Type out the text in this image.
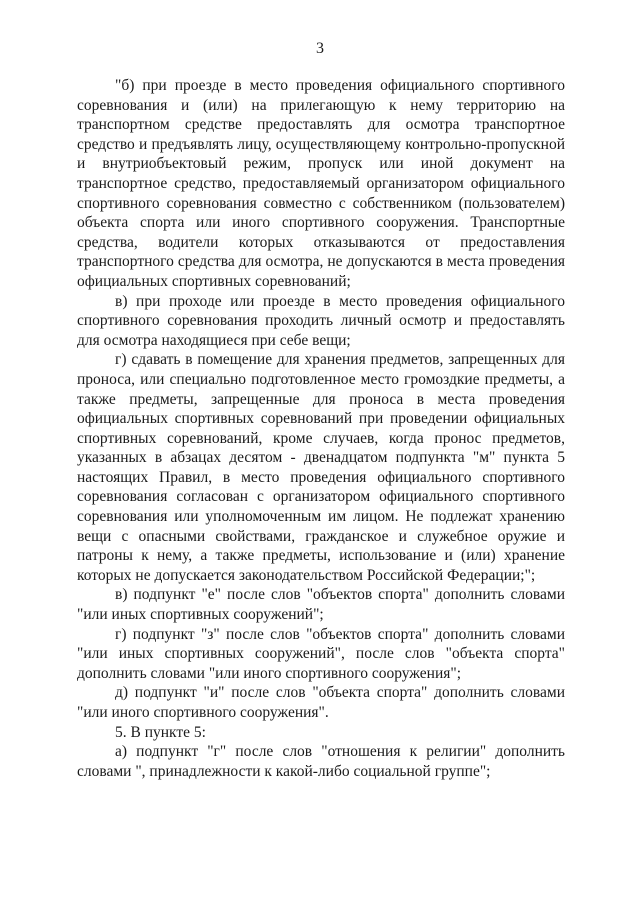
3

"б) при проезде в место проведения официального спортивного соревнования и (или) на прилегающую к нему территорию на транспортном средстве предоставлять для осмотра транспортное средство и предъявлять лицу, осуществляющему контрольно-пропускной и внутриобъектовый режим, пропуск или иной документ на транспортное средство, предоставляемый организатором официального спортивного соревнования совместно с собственником (пользователем) объекта спорта или иного спортивного сооружения. Транспортные средства, водители которых отказываются от предоставления транспортного средства для осмотра, не допускаются в места проведения официальных спортивных соревнований;

в) при проходе или проезде в место проведения официального спортивного соревнования проходить личный осмотр и предоставлять для осмотра находящиеся при себе вещи;

г) сдавать в помещение для хранения предметов, запрещенных для проноса, или специально подготовленное место громоздкие предметы, а также предметы, запрещенные для проноса в места проведения официальных спортивных соревнований при проведении официальных спортивных соревнований, кроме случаев, когда пронос предметов, указанных в абзацах десятом - двенадцатом подпункта "м" пункта 5 настоящих Правил, в место проведения официального спортивного соревнования согласован с организатором официального спортивного соревнования или уполномоченным им лицом. Не подлежат хранению вещи с опасными свойствами, гражданское и служебное оружие и патроны к нему, а также предметы, использование и (или) хранение которых не допускается законодательством Российской Федерации;";

в) подпункт "е" после слов "объектов спорта" дополнить словами "или иных спортивных сооружений";

г) подпункт "з" после слов "объектов спорта" дополнить словами "или иных спортивных сооружений", после слов "объекта спорта" дополнить словами "или иного спортивного сооружения";

д) подпункт "и" после слов "объекта спорта" дополнить словами "или иного спортивного сооружения".

5. В пункте 5:

а) подпункт "г" после слов "отношения к религии" дополнить словами ", принадлежности к какой-либо социальной группе";
